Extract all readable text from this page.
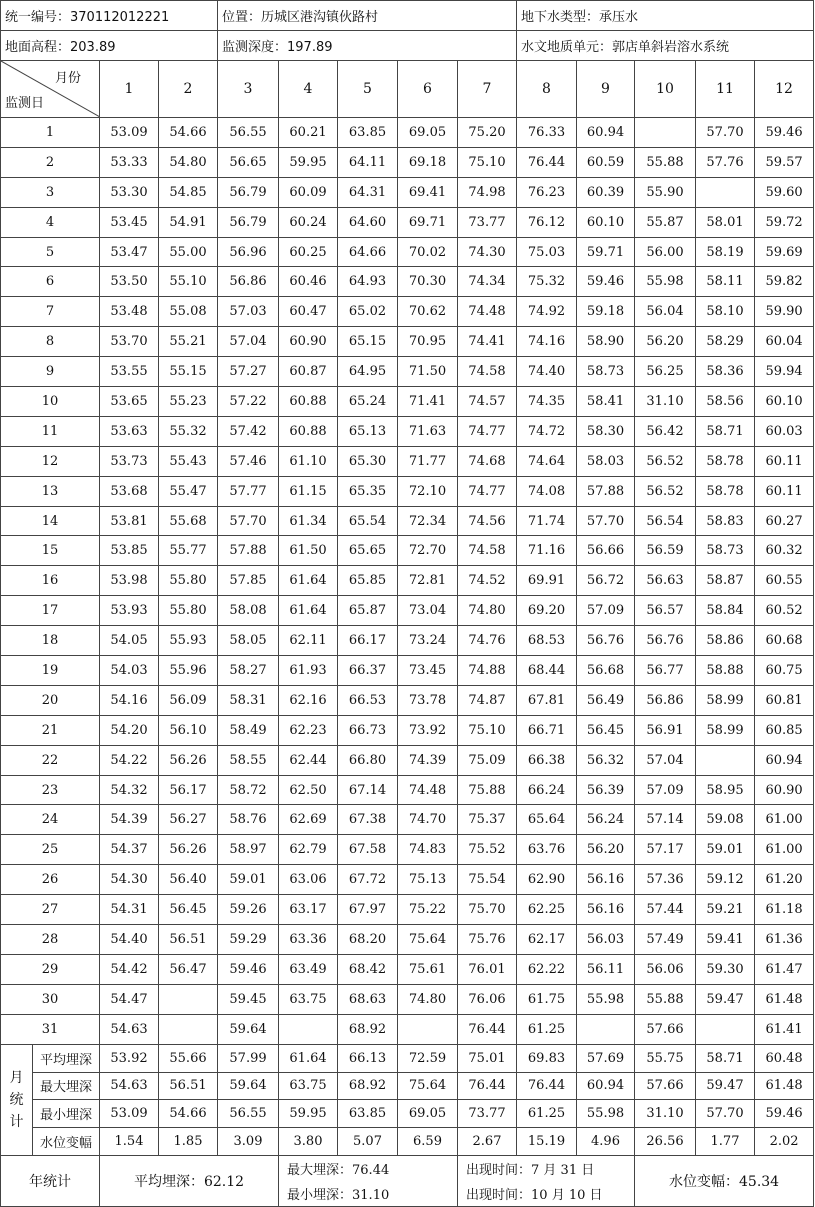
统一编号：370112012221				位置：历城区港沟镇伙路村					地下水类型：承压水				
地面高程：203.89				监测深度：197.89					水文地质单元：郭店单斜岩溶水系统				

月份
监测日		1	2	3	4	5	6	7	8	9	10	11	12
1		53.09	54.66	56.55	60.21	63.85	69.05	75.20	76.33	60.94		57.70	59.46
2		53.33	54.80	56.65	59.95	64.11	69.18	75.10	76.44	60.59	55.88	57.76	59.57
3		53.30	54.85	56.79	60.09	64.31	69.41	74.98	76.23	60.39	55.90		59.60
4		53.45	54.91	56.79	60.24	64.60	69.71	73.77	76.12	60.10	55.87	58.01	59.72
5		53.47	55.00	56.96	60.25	64.66	70.02	74.30	75.03	59.71	56.00	58.19	59.69
6		53.50	55.10	56.86	60.46	64.93	70.30	74.34	75.32	59.46	55.98	58.11	59.82
7		53.48	55.08	57.03	60.47	65.02	70.62	74.48	74.92	59.18	56.04	58.10	59.90
8		53.70	55.21	57.04	60.90	65.15	70.95	74.41	74.16	58.90	56.20	58.29	60.04
9		53.55	55.15	57.27	60.87	64.95	71.50	74.58	74.40	58.73	56.25	58.36	59.94
10		53.65	55.23	57.22	60.88	65.24	71.41	74.57	74.35	58.41	31.10	58.56	60.10
11		53.63	55.32	57.42	60.88	65.13	71.63	74.77	74.72	58.30	56.42	58.71	60.03
12		53.73	55.43	57.46	61.10	65.30	71.77	74.68	74.64	58.03	56.52	58.78	60.11
13		53.68	55.47	57.77	61.15	65.35	72.10	74.77	74.08	57.88	56.52	58.78	60.11
14		53.81	55.68	57.70	61.34	65.54	72.34	74.56	71.74	57.70	56.54	58.83	60.27
15		53.85	55.77	57.88	61.50	65.65	72.70	74.58	71.16	56.66	56.59	58.73	60.32
16		53.98	55.80	57.85	61.64	65.85	72.81	74.52	69.91	56.72	56.63	58.87	60.55
17		53.93	55.80	58.08	61.64	65.87	73.04	74.80	69.20	57.09	56.57	58.84	60.52
18		54.05	55.93	58.05	62.11	66.17	73.24	74.76	68.53	56.76	56.76	58.86	60.68
19		54.03	55.96	58.27	61.93	66.37	73.45	74.88	68.44	56.68	56.77	58.88	60.75
20		54.16	56.09	58.31	62.16	66.53	73.78	74.87	67.81	56.49	56.86	58.99	60.81
21		54.20	56.10	58.49	62.23	66.73	73.92	75.10	66.71	56.45	56.91	58.99	60.85
22		54.22	56.26	58.55	62.44	66.80	74.39	75.09	66.38	56.32	57.04		60.94
23		54.32	56.17	58.72	62.50	67.14	74.48	75.88	66.24	56.39	57.09	58.95	60.90
24		54.39	56.27	58.76	62.69	67.38	74.70	75.37	65.64	56.24	57.14	59.08	61.00
25		54.37	56.26	58.97	62.79	67.58	74.83	75.52	63.76	56.20	57.17	59.01	61.00
26		54.30	56.40	59.01	63.06	67.72	75.13	75.54	62.90	56.16	57.36	59.12	61.20
27		54.31	56.45	59.26	63.17	67.97	75.22	75.70	62.25	56.16	57.44	59.21	61.18
28		54.40	56.51	59.29	63.36	68.20	75.64	75.76	62.17	56.03	57.49	59.41	61.36
29		54.42	56.47	59.46	63.49	68.42	75.61	76.01	62.22	56.11	56.06	59.30	61.47
30		54.47		59.45	63.75	68.63	74.80	76.06	61.75	55.98	55.88	59.47	61.48
31		54.63		59.64		68.92		76.44	61.25		57.66		61.41
月
统
计	平均埋深	53.92	55.66	57.99	61.64	66.13	72.59	75.01	69.83	57.69	55.75	58.71	60.48
	最大埋深	54.63	56.51	59.64	63.75	68.92	75.64	76.44	76.44	60.94	57.66	59.47	61.48
	最小埋深	53.09	54.66	56.55	59.95	63.85	69.05	73.77	61.25	55.98	31.10	57.70	59.46
	水位变幅	1.54	1.85	3.09	3.80	5.07	6.59	2.67	15.19	4.96	26.56	1.77	2.02
年统计		平均埋深：62.12			最大埋深：76.44			出现时间：7 月 31 日			水位变幅：45.34		
					最小埋深：31.10			出现时间：10 月 10 日					
